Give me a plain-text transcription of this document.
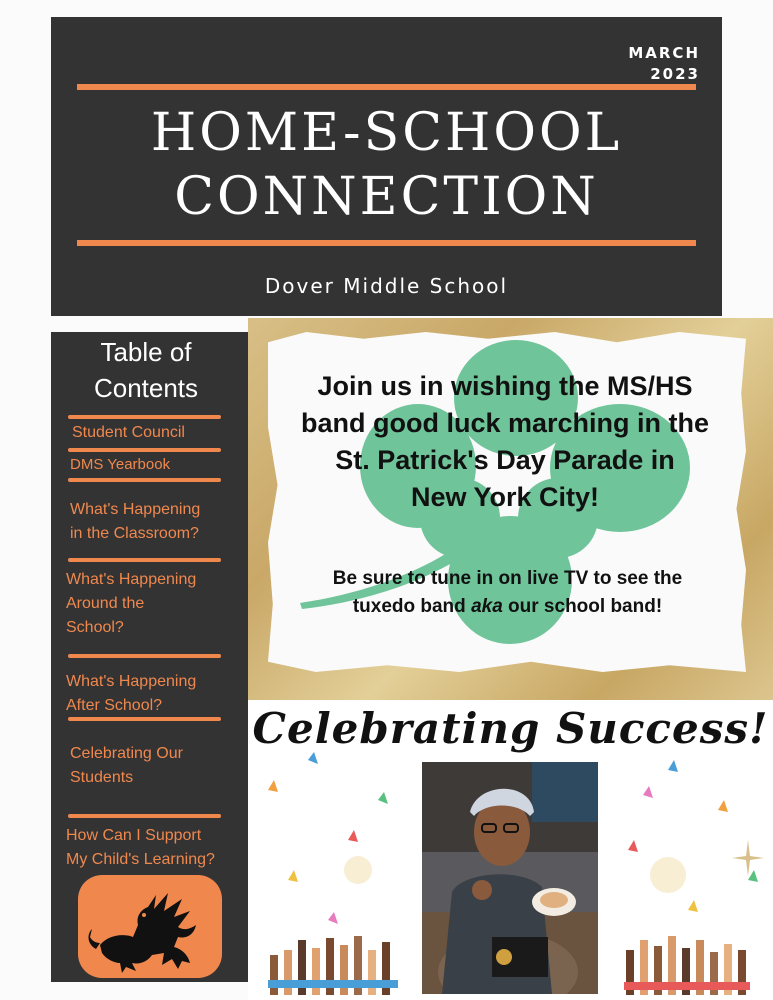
MARCH
2023
HOME-SCHOOL
CONNECTION
Dover Middle School
Table of
Contents
Student Council
DMS Yearbook
What's Happening
in the Classroom?
What's Happening
Around the
School?
What's Happening
After School?
Celebrating Our
Students
How Can I Support
My Child's Learning?
Join us in wishing the MS/HS
band good luck marching in the
St. Patrick's Day Parade in
New York City!
Be sure to tune in on live TV to see the
tuxedo band aka our school band!
Celebrating Success!
